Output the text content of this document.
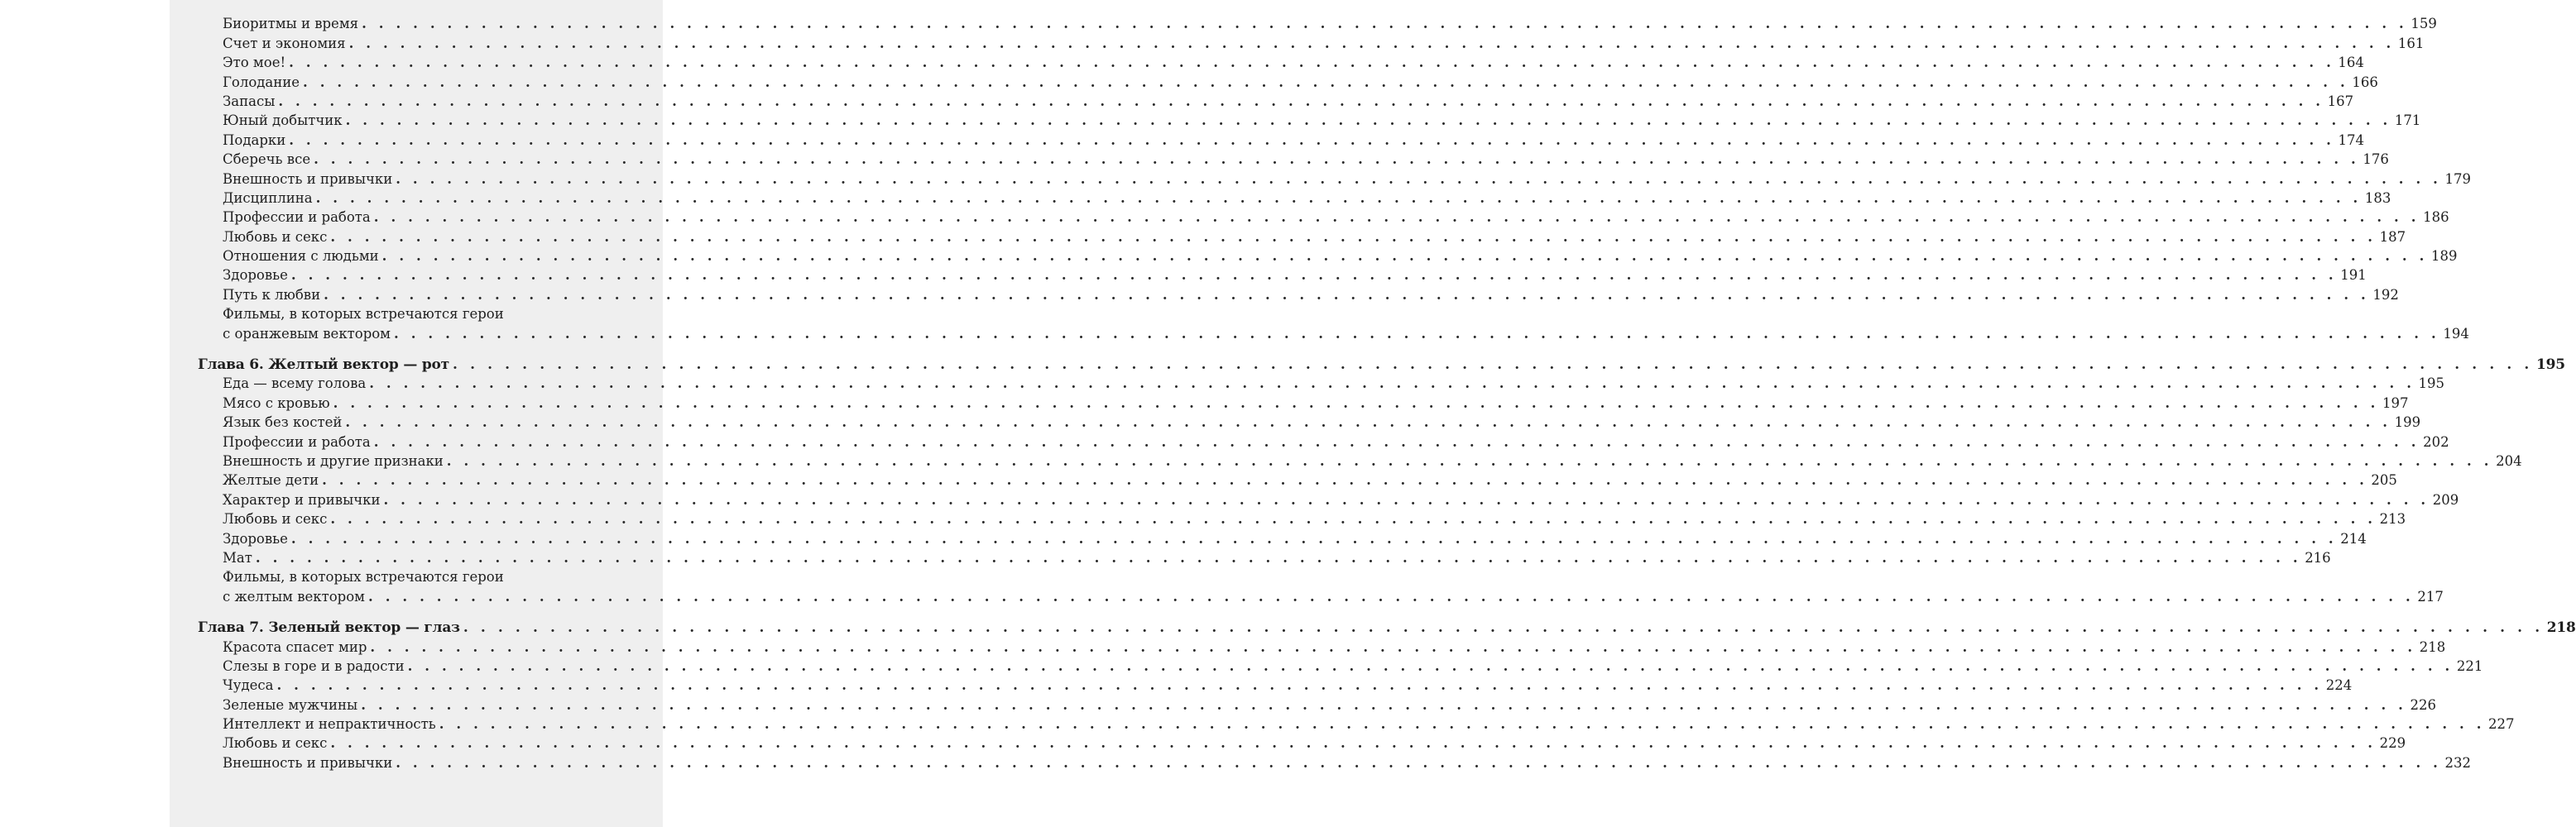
Биоритмы и время . . . . . . . . . . . . . . . . . . . . . . . . . . . . . . . . . . . . . . . . . . . . . . . . . . . . . . . . . . . . . . . . . . . . . . . . . . . . . . . . . . . . . . . . . . . . . . . . . . . . . . . . . . . . . . . . . . . . . . . . 159
Счет и экономия . . . . . . . . . . . . . . . . . . . . . . . . . . . . . . . . . . . . . . . . . . . . . . . . . . . . . . . . . . . . . . . . . . . . . . . . . . . . . . . . . . . . . . . . . . . . . . . . . . . . . . . . . . . . . . . . . . . . . . . . 161
Это мое! . . . . . . . . . . . . . . . . . . . . . . . . . . . . . . . . . . . . . . . . . . . . . . . . . . . . . . . . . . . . . . . . . . . . . . . . . . . . . . . . . . . . . . . . . . . . . . . . . . . . . . . . . . . . . . . . . . . . . . . . 164
Голодание . . . . . . . . . . . . . . . . . . . . . . . . . . . . . . . . . . . . . . . . . . . . . . . . . . . . . . . . . . . . . . . . . . . . . . . . . . . . . . . . . . . . . . . . . . . . . . . . . . . . . . . . . . . . . . . . . . . . . . . . 166
Запасы . . . . . . . . . . . . . . . . . . . . . . . . . . . . . . . . . . . . . . . . . . . . . . . . . . . . . . . . . . . . . . . . . . . . . . . . . . . . . . . . . . . . . . . . . . . . . . . . . . . . . . . . . . . . . . . . . . . . . . . . 167
Юный добытчик . . . . . . . . . . . . . . . . . . . . . . . . . . . . . . . . . . . . . . . . . . . . . . . . . . . . . . . . . . . . . . . . . . . . . . . . . . . . . . . . . . . . . . . . . . . . . . . . . . . . . . . . . . . . . . . . . . . . . . . . 171
Подарки . . . . . . . . . . . . . . . . . . . . . . . . . . . . . . . . . . . . . . . . . . . . . . . . . . . . . . . . . . . . . . . . . . . . . . . . . . . . . . . . . . . . . . . . . . . . . . . . . . . . . . . . . . . . . . . . . . . . . . . . 174
Сберечь все . . . . . . . . . . . . . . . . . . . . . . . . . . . . . . . . . . . . . . . . . . . . . . . . . . . . . . . . . . . . . . . . . . . . . . . . . . . . . . . . . . . . . . . . . . . . . . . . . . . . . . . . . . . . . . . . . . . . . . . . 176
Внешность и привычки . . . . . . . . . . . . . . . . . . . . . . . . . . . . . . . . . . . . . . . . . . . . . . . . . . . . . . . . . . . . . . . . . . . . . . . . . . . . . . . . . . . . . . . . . . . . . . . . . . . . . . . . . . . . . . . . . . . . . . . . 179
Дисциплина . . . . . . . . . . . . . . . . . . . . . . . . . . . . . . . . . . . . . . . . . . . . . . . . . . . . . . . . . . . . . . . . . . . . . . . . . . . . . . . . . . . . . . . . . . . . . . . . . . . . . . . . . . . . . . . . . . . . . . . . 183
Профессии и работа . . . . . . . . . . . . . . . . . . . . . . . . . . . . . . . . . . . . . . . . . . . . . . . . . . . . . . . . . . . . . . . . . . . . . . . . . . . . . . . . . . . . . . . . . . . . . . . . . . . . . . . . . . . . . . . . . . . . . . . . 186
Любовь и секс . . . . . . . . . . . . . . . . . . . . . . . . . . . . . . . . . . . . . . . . . . . . . . . . . . . . . . . . . . . . . . . . . . . . . . . . . . . . . . . . . . . . . . . . . . . . . . . . . . . . . . . . . . . . . . . . . . . . . . . . 187
Отношения с людьми . . . . . . . . . . . . . . . . . . . . . . . . . . . . . . . . . . . . . . . . . . . . . . . . . . . . . . . . . . . . . . . . . . . . . . . . . . . . . . . . . . . . . . . . . . . . . . . . . . . . . . . . . . . . . . . . . . . . . . . . 189
Здоровье . . . . . . . . . . . . . . . . . . . . . . . . . . . . . . . . . . . . . . . . . . . . . . . . . . . . . . . . . . . . . . . . . . . . . . . . . . . . . . . . . . . . . . . . . . . . . . . . . . . . . . . . . . . . . . . . . . . . . . . . 191
Путь к любви . . . . . . . . . . . . . . . . . . . . . . . . . . . . . . . . . . . . . . . . . . . . . . . . . . . . . . . . . . . . . . . . . . . . . . . . . . . . . . . . . . . . . . . . . . . . . . . . . . . . . . . . . . . . . . . . . . . . . . . . 192
Фильмы, в которых встречаются герои
с оранжевым вектором . . . . . . . . . . . . . . . . . . . . . . . . . . . . . . . . . . . . . . . . . . . . . . . . . . . . . . . . . . . . . . . . . . . . . . . . . . . . . . . . . . . . . . . . . . . . . . . . . . . . . . . . . . . . . . . . . . . . . . . . 194
Глава 6. Желтый вектор — рот . . . . . . . . . . . . . . . . . . . . . . . . . . . . . . . . . . . . . . . . . . . . . . . . . . . . . . . . . . . . . . . . . . . . . . . . . . . . . . . . . . . . . . . . . . . . . . . . . . . . . . . . . . . . . . . . . . . . . . . . 195
Еда — всему голова . . . . . . . . . . . . . . . . . . . . . . . . . . . . . . . . . . . . . . . . . . . . . . . . . . . . . . . . . . . . . . . . . . . . . . . . . . . . . . . . . . . . . . . . . . . . . . . . . . . . . . . . . . . . . . . . . . . . . . . . 195
Мясо с кровью . . . . . . . . . . . . . . . . . . . . . . . . . . . . . . . . . . . . . . . . . . . . . . . . . . . . . . . . . . . . . . . . . . . . . . . . . . . . . . . . . . . . . . . . . . . . . . . . . . . . . . . . . . . . . . . . . . . . . . . . 197
Язык без костей . . . . . . . . . . . . . . . . . . . . . . . . . . . . . . . . . . . . . . . . . . . . . . . . . . . . . . . . . . . . . . . . . . . . . . . . . . . . . . . . . . . . . . . . . . . . . . . . . . . . . . . . . . . . . . . . . . . . . . . . 199
Профессии и работа . . . . . . . . . . . . . . . . . . . . . . . . . . . . . . . . . . . . . . . . . . . . . . . . . . . . . . . . . . . . . . . . . . . . . . . . . . . . . . . . . . . . . . . . . . . . . . . . . . . . . . . . . . . . . . . . . . . . . . . . 202
Внешность и другие признаки . . . . . . . . . . . . . . . . . . . . . . . . . . . . . . . . . . . . . . . . . . . . . . . . . . . . . . . . . . . . . . . . . . . . . . . . . . . . . . . . . . . . . . . . . . . . . . . . . . . . . . . . . . . . . . . . . . . . . . . . 204
Желтые дети . . . . . . . . . . . . . . . . . . . . . . . . . . . . . . . . . . . . . . . . . . . . . . . . . . . . . . . . . . . . . . . . . . . . . . . . . . . . . . . . . . . . . . . . . . . . . . . . . . . . . . . . . . . . . . . . . . . . . . . . 205
Характер и привычки . . . . . . . . . . . . . . . . . . . . . . . . . . . . . . . . . . . . . . . . . . . . . . . . . . . . . . . . . . . . . . . . . . . . . . . . . . . . . . . . . . . . . . . . . . . . . . . . . . . . . . . . . . . . . . . . . . . . . . . . 209
Любовь и секс . . . . . . . . . . . . . . . . . . . . . . . . . . . . . . . . . . . . . . . . . . . . . . . . . . . . . . . . . . . . . . . . . . . . . . . . . . . . . . . . . . . . . . . . . . . . . . . . . . . . . . . . . . . . . . . . . . . . . . . . 213
Здоровье . . . . . . . . . . . . . . . . . . . . . . . . . . . . . . . . . . . . . . . . . . . . . . . . . . . . . . . . . . . . . . . . . . . . . . . . . . . . . . . . . . . . . . . . . . . . . . . . . . . . . . . . . . . . . . . . . . . . . . . . 214
Мат . . . . . . . . . . . . . . . . . . . . . . . . . . . . . . . . . . . . . . . . . . . . . . . . . . . . . . . . . . . . . . . . . . . . . . . . . . . . . . . . . . . . . . . . . . . . . . . . . . . . . . . . . . . . . . . . . . . . . . . . 216
Фильмы, в которых встречаются герои
с желтым вектором . . . . . . . . . . . . . . . . . . . . . . . . . . . . . . . . . . . . . . . . . . . . . . . . . . . . . . . . . . . . . . . . . . . . . . . . . . . . . . . . . . . . . . . . . . . . . . . . . . . . . . . . . . . . . . . . . . . . . . . . 217
Глава 7. Зеленый вектор — глаз . . . . . . . . . . . . . . . . . . . . . . . . . . . . . . . . . . . . . . . . . . . . . . . . . . . . . . . . . . . . . . . . . . . . . . . . . . . . . . . . . . . . . . . . . . . . . . . . . . . . . . . . . . . . . . . . . . . . . . . . 218
Красота спасет мир . . . . . . . . . . . . . . . . . . . . . . . . . . . . . . . . . . . . . . . . . . . . . . . . . . . . . . . . . . . . . . . . . . . . . . . . . . . . . . . . . . . . . . . . . . . . . . . . . . . . . . . . . . . . . . . . . . . . . . . . 218
Слезы в горе и в радости . . . . . . . . . . . . . . . . . . . . . . . . . . . . . . . . . . . . . . . . . . . . . . . . . . . . . . . . . . . . . . . . . . . . . . . . . . . . . . . . . . . . . . . . . . . . . . . . . . . . . . . . . . . . . . . . . . . . . . . . 221
Чудеса . . . . . . . . . . . . . . . . . . . . . . . . . . . . . . . . . . . . . . . . . . . . . . . . . . . . . . . . . . . . . . . . . . . . . . . . . . . . . . . . . . . . . . . . . . . . . . . . . . . . . . . . . . . . . . . . . . . . . . . . 224
Зеленые мужчины . . . . . . . . . . . . . . . . . . . . . . . . . . . . . . . . . . . . . . . . . . . . . . . . . . . . . . . . . . . . . . . . . . . . . . . . . . . . . . . . . . . . . . . . . . . . . . . . . . . . . . . . . . . . . . . . . . . . . . . . 226
Интеллект и непрактичность . . . . . . . . . . . . . . . . . . . . . . . . . . . . . . . . . . . . . . . . . . . . . . . . . . . . . . . . . . . . . . . . . . . . . . . . . . . . . . . . . . . . . . . . . . . . . . . . . . . . . . . . . . . . . . . . . . . . . . . . 227
Любовь и секс . . . . . . . . . . . . . . . . . . . . . . . . . . . . . . . . . . . . . . . . . . . . . . . . . . . . . . . . . . . . . . . . . . . . . . . . . . . . . . . . . . . . . . . . . . . . . . . . . . . . . . . . . . . . . . . . . . . . . . . . 229
Внешность и привычки . . . . . . . . . . . . . . . . . . . . . . . . . . . . . . . . . . . . . . . . . . . . . . . . . . . . . . . . . . . . . . . . . . . . . . . . . . . . . . . . . . . . . . . . . . . . . . . . . . . . . . . . . . . . . . . . . . . . . . . . 232
